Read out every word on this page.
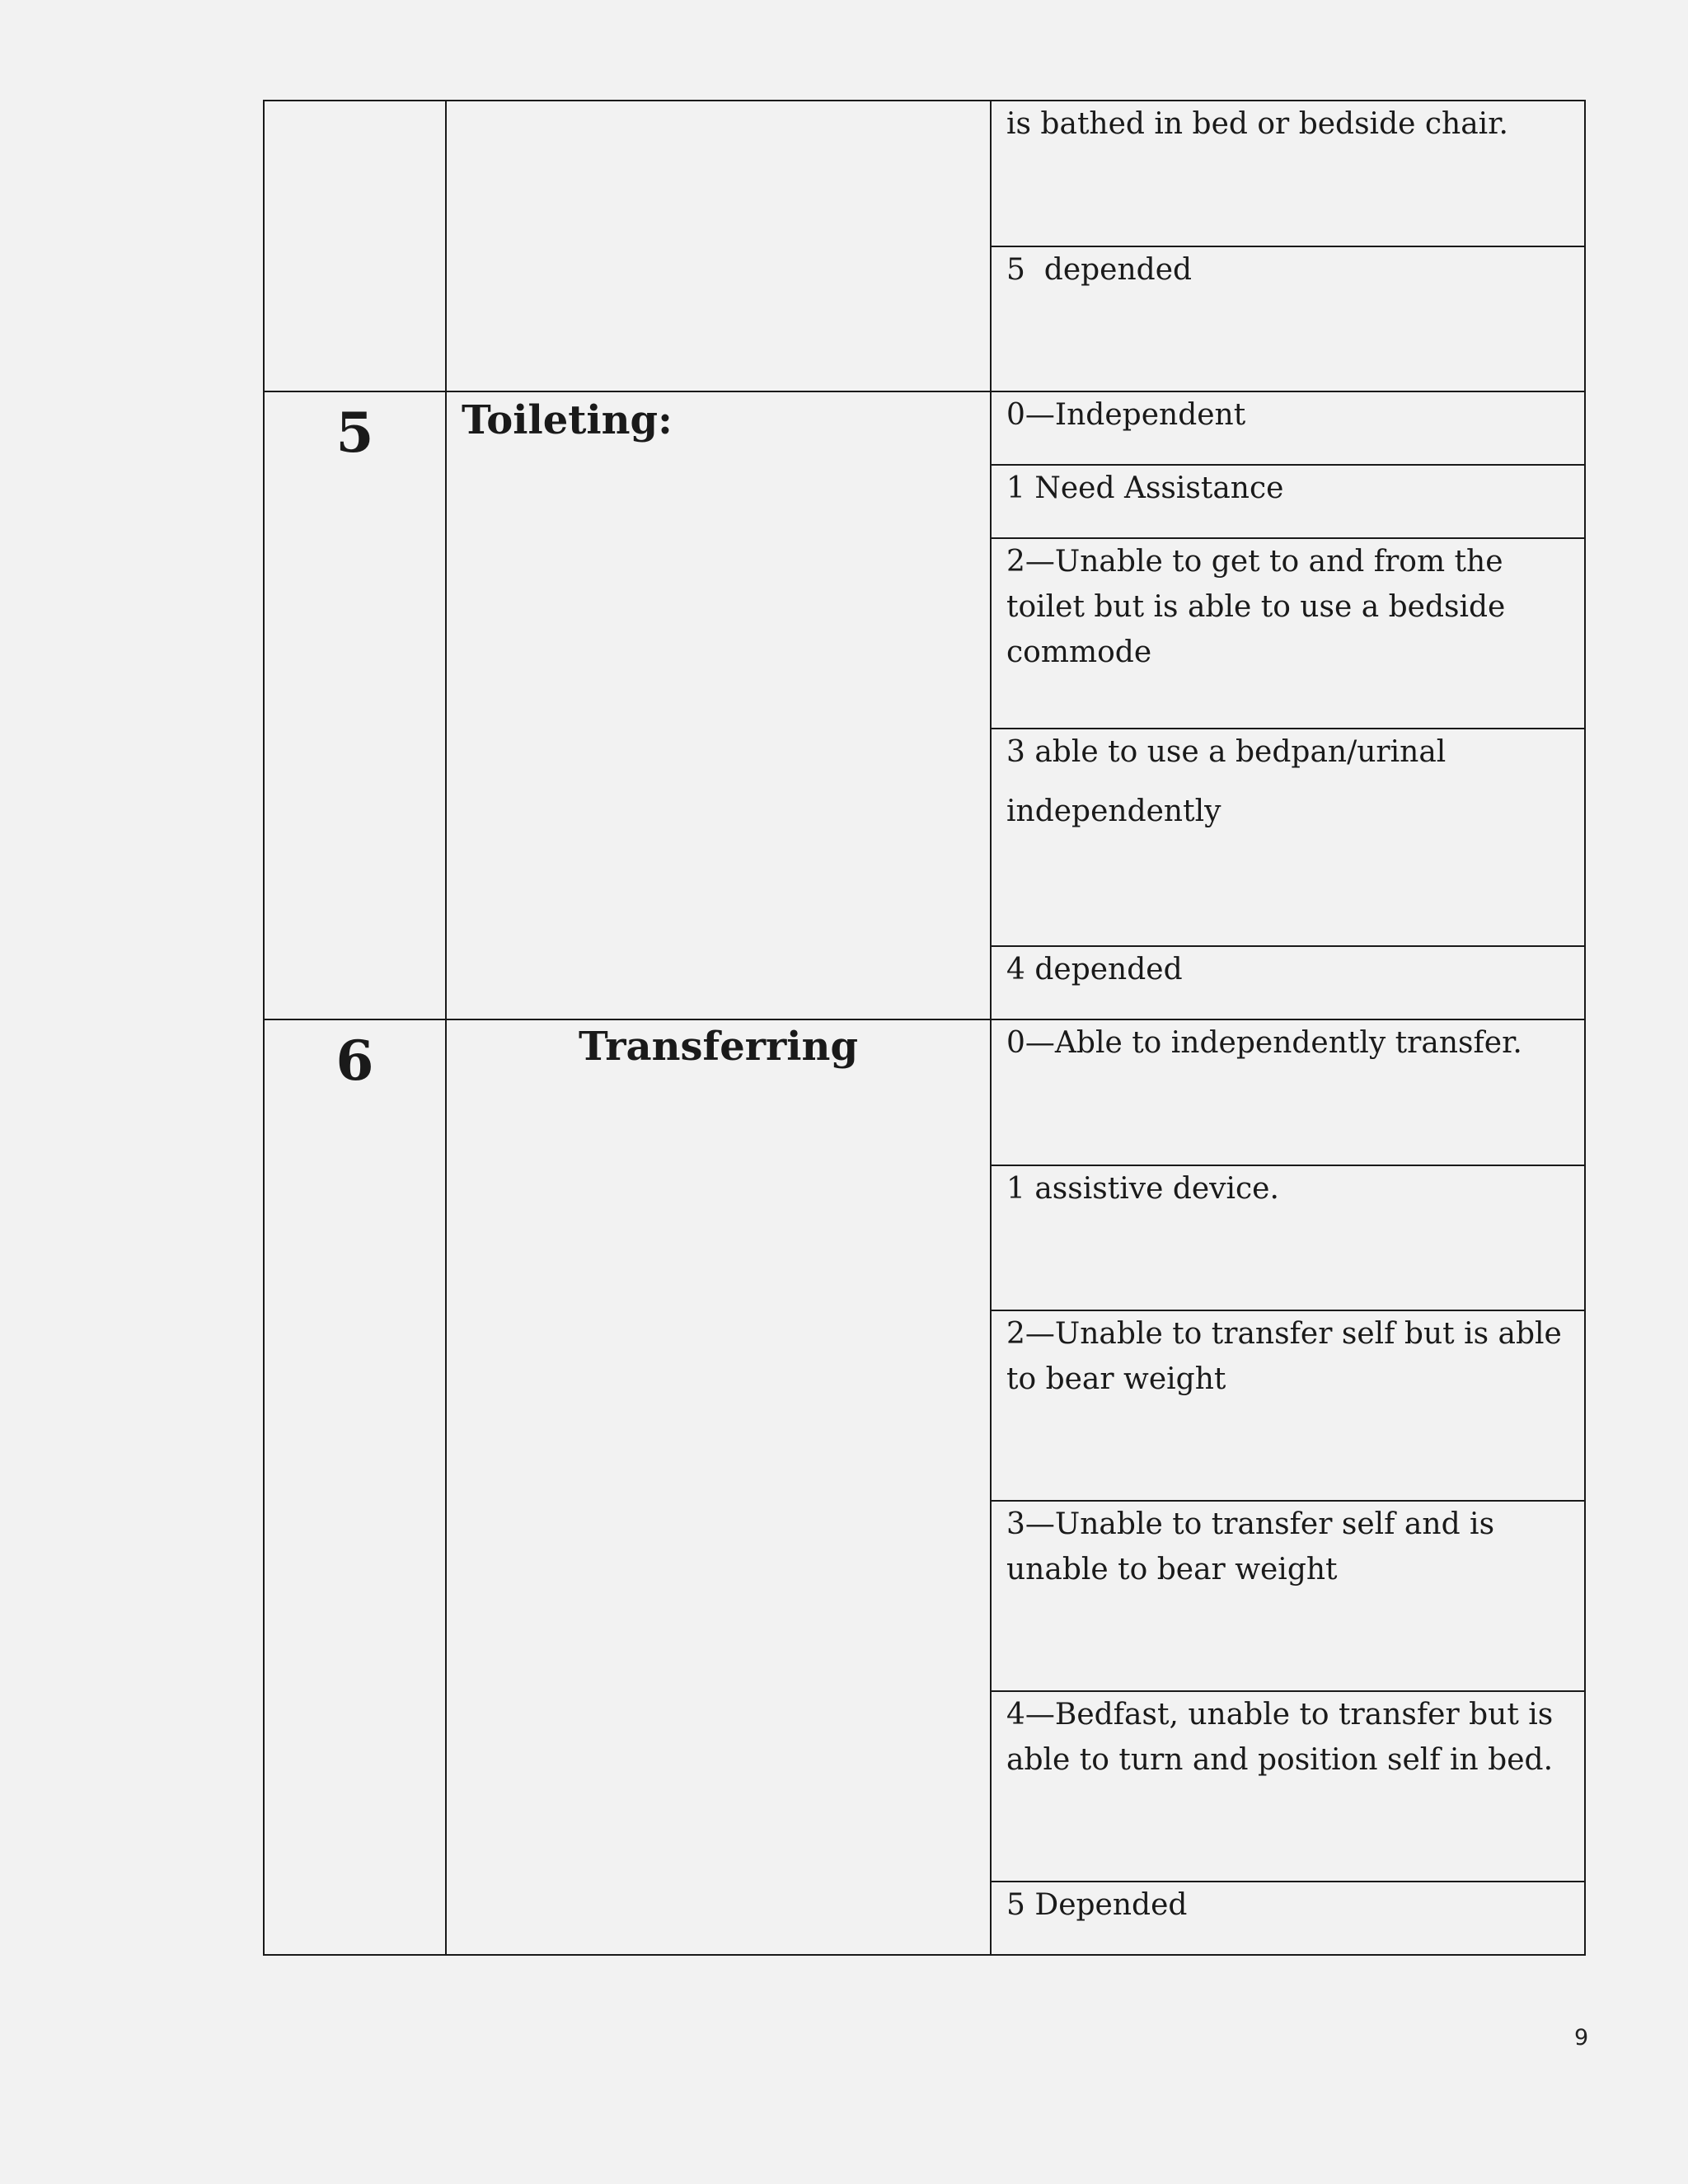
		is bathed in bed or bedside chair.

		5  depended

5	Toileting:	0—Independent

		1 Need Assistance

		2—Unable to get to and from the toilet but is able to use a bedside commode

		3 able to use a bedpan/urinal
independently

		4 depended

6	Transferring	0—Able to independently transfer.

		1 assistive device.

		2—Unable to transfer self but is able to bear weight

		3—Unable to transfer self and is unable to bear weight

		4—Bedfast, unable to transfer but is able to turn and position self in bed.

		5 Depended
9
